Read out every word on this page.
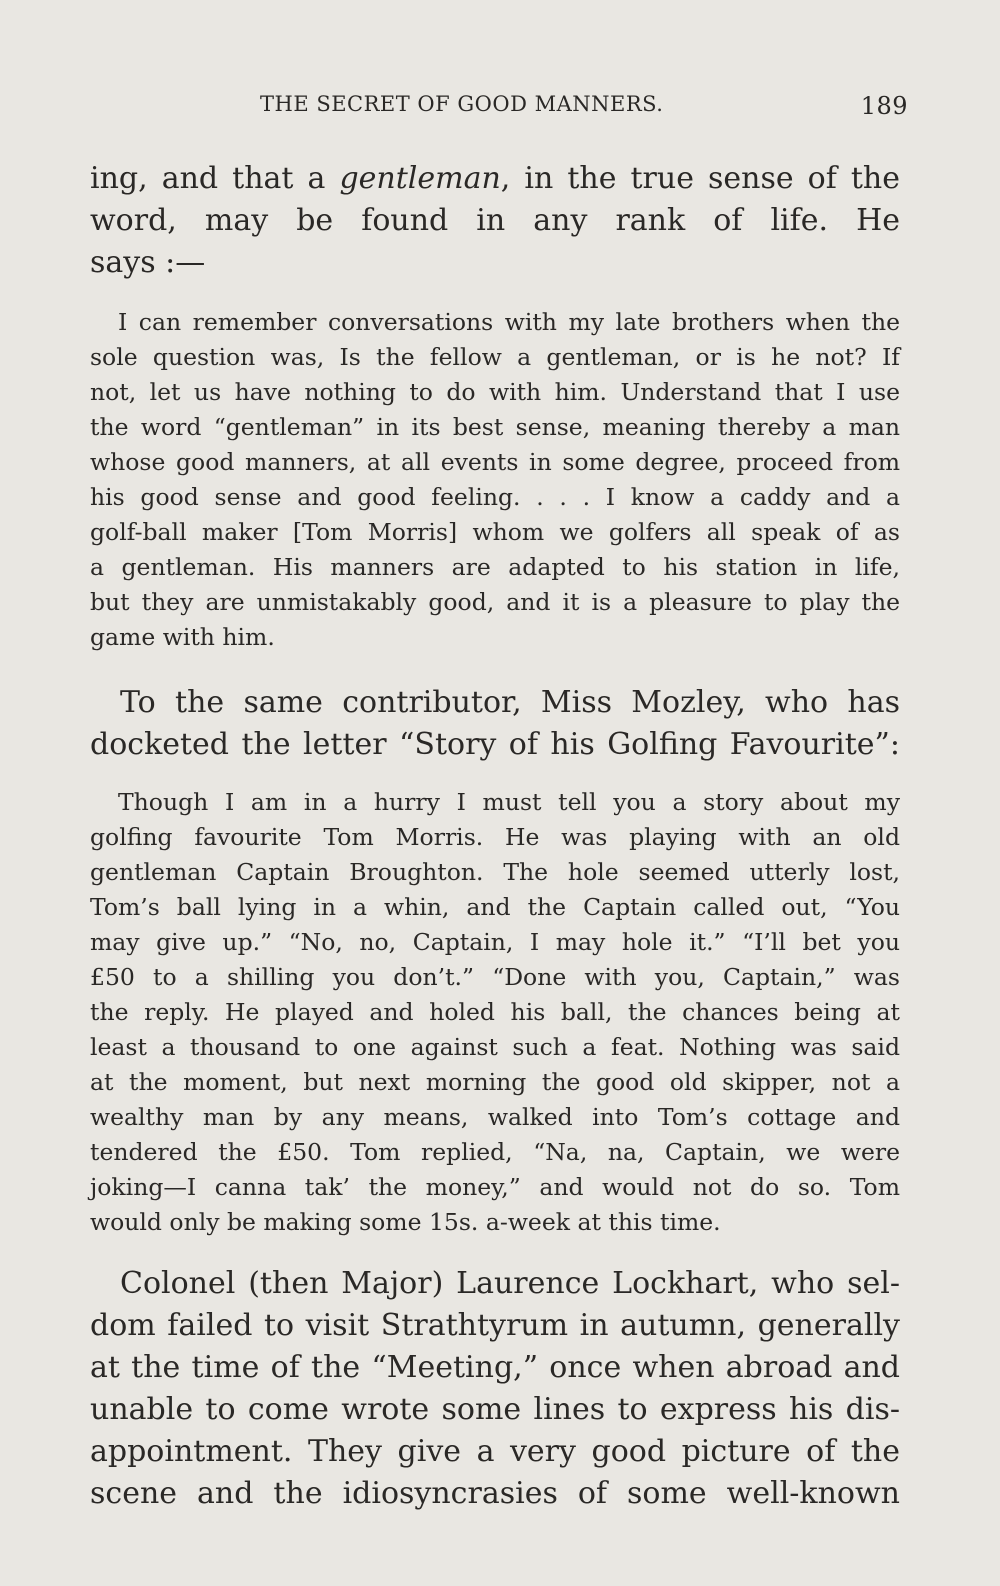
THE SECRET OF GOOD MANNERS.	189
ing, and that a gentleman, in the true sense of the
word, may be found in any rank of life. He
says :—
I can remember conversations with my late brothers when the
sole question was, Is the fellow a gentleman, or is he not? If
not, let us have nothing to do with him. Understand that I use
the word “gentleman” in its best sense, meaning thereby a man
whose good manners, at all events in some degree, proceed from
his good sense and good feeling. . . . I know a caddy and a
golf-ball maker [Tom Morris] whom we golfers all speak of as
a gentleman. His manners are adapted to his station in life,
but they are unmistakably good, and it is a pleasure to play the
game with him.
To the same contributor, Miss Mozley, who has
docketed the letter “Story of his Golfing Favourite”:
Though I am in a hurry I must tell you a story about my
golfing favourite Tom Morris. He was playing with an old
gentleman Captain Broughton. The hole seemed utterly lost,
Tom’s ball lying in a whin, and the Captain called out, “You
may give up.” “No, no, Captain, I may hole it.” “I’ll bet you
£50 to a shilling you don’t.” “Done with you, Captain,” was
the reply. He played and holed his ball, the chances being at
least a thousand to one against such a feat. Nothing was said
at the moment, but next morning the good old skipper, not a
wealthy man by any means, walked into Tom’s cottage and
tendered the £50. Tom replied, “Na, na, Captain, we were
joking—I canna tak’ the money,” and would not do so. Tom
would only be making some 15s. a-week at this time.
Colonel (then Major) Laurence Lockhart, who sel-
dom failed to visit Strathtyrum in autumn, generally
at the time of the “Meeting,” once when abroad and
unable to come wrote some lines to express his dis-
appointment. They give a very good picture of the
scene and the idiosyncrasies of some well-known
